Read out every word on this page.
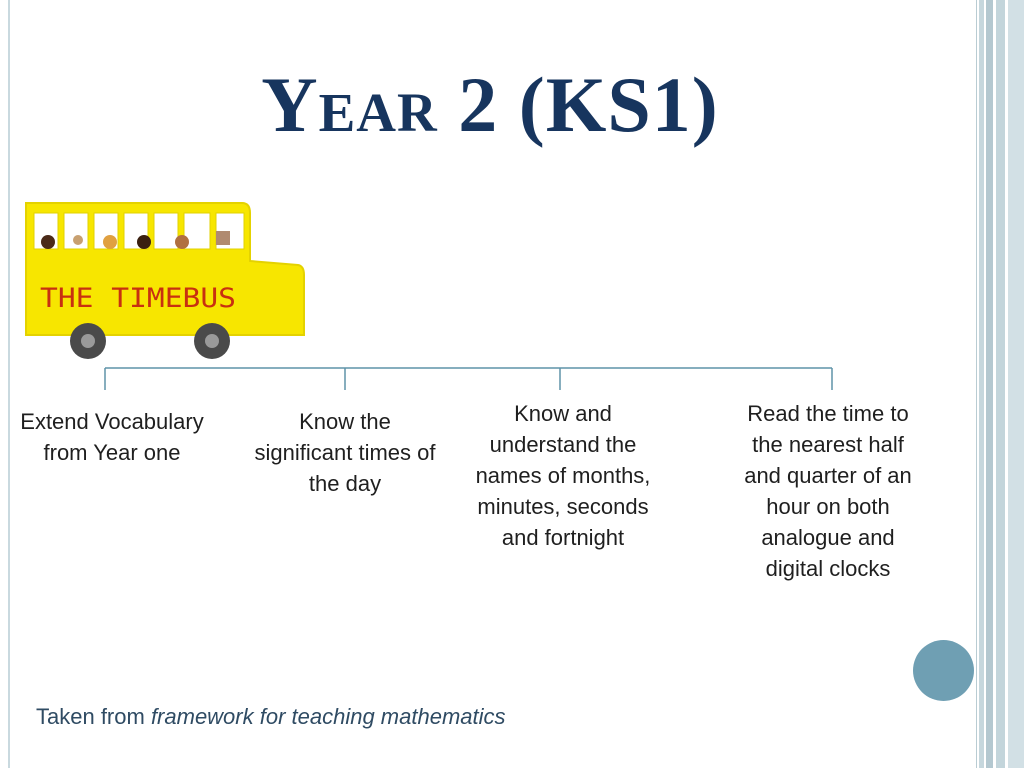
Year 2 (KS1)
THE TIMEBUS
Extend Vocabulary from Year one
Know the significant times of the day
Know and understand the names of months, minutes, seconds and fortnight
Read the time to the nearest half and quarter of an hour on both analogue and digital clocks
Taken from framework for teaching mathematics
